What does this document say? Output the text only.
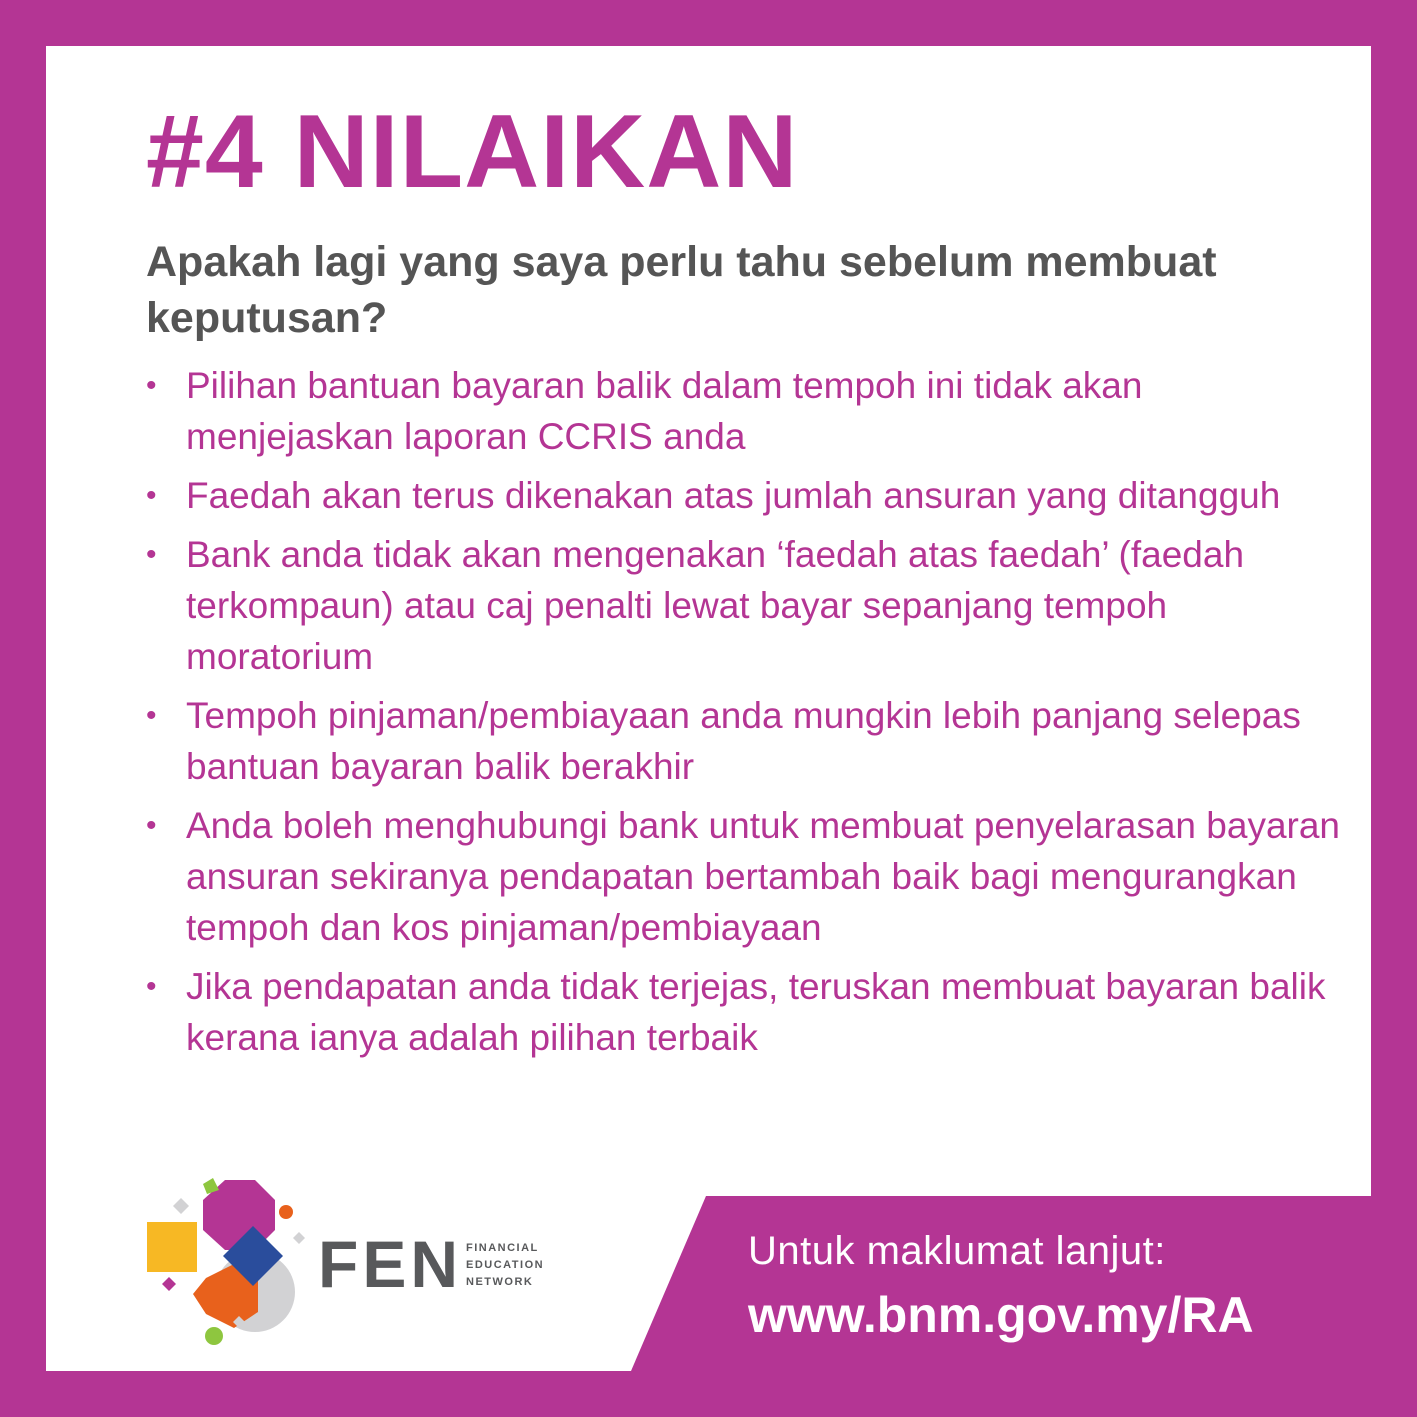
#4 NILAIKAN
Apakah lagi yang saya perlu tahu sebelum membuat keputusan?
• Pilihan bantuan bayaran balik dalam tempoh ini tidak akan menjejaskan laporan CCRIS anda
• Faedah akan terus dikenakan atas jumlah ansuran yang ditangguh
• Bank anda tidak akan mengenakan ‘faedah atas faedah’ (faedah terkompaun) atau caj penalti lewat bayar sepanjang tempoh moratorium
• Tempoh pinjaman/pembiayaan anda mungkin lebih panjang selepas bantuan bayaran balik berakhir
• Anda boleh menghubungi bank untuk membuat penyelarasan bayaran ansuran sekiranya pendapatan bertambah baik bagi mengurangkan tempoh dan kos pinjaman/pembiayaan
• Jika pendapatan anda tidak terjejas, teruskan membuat bayaran balik kerana ianya adalah pilihan terbaik
FEN FINANCIAL
EDUCATION
NETWORK
Untuk maklumat lanjut:
www.bnm.gov.my/RA
